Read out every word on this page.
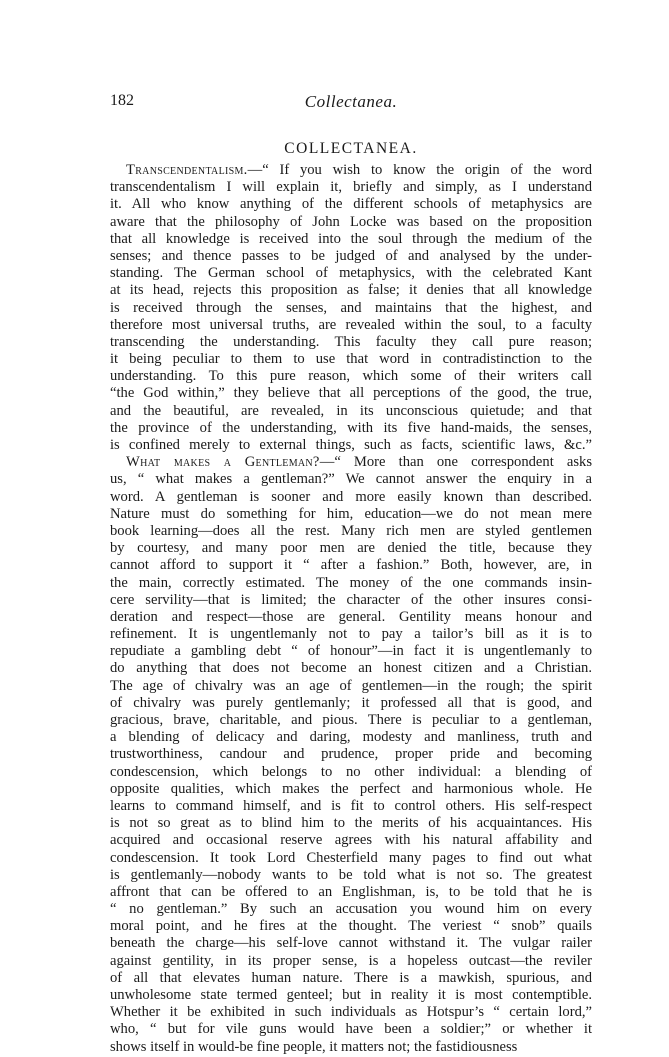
182	Collectanea.
COLLECTANEA.
Transcendentalism.—“ If you wish to know the origin of the word
transcendentalism I will explain it, briefly and simply, as I understand
it. All who know anything of the different schools of metaphysics are
aware that the philosophy of John Locke was based on the proposition
that all knowledge is received into the soul through the medium of the
senses; and thence passes to be judged of and analysed by the under-
standing. The German school of metaphysics, with the celebrated Kant
at its head, rejects this proposition as false; it denies that all knowledge
is received through the senses, and maintains that the highest, and
therefore most universal truths, are revealed within the soul, to a faculty
transcending the understanding. This faculty they call pure reason;
it being peculiar to them to use that word in contradistinction to the
understanding. To this pure reason, which some of their writers call
“the God within,” they believe that all perceptions of the good, the true,
and the beautiful, are revealed, in its unconscious quietude; and that
the province of the understanding, with its five hand-maids, the senses,
is confined merely to external things, such as facts, scientific laws, &c.”
What makes a Gentleman?—“ More than one correspondent asks
us, “ what makes a gentleman?” We cannot answer the enquiry in a
word. A gentleman is sooner and more easily known than described.
Nature must do something for him, education—we do not mean mere
book learning—does all the rest. Many rich men are styled gentlemen
by courtesy, and many poor men are denied the title, because they
cannot afford to support it “ after a fashion.” Both, however, are, in
the main, correctly estimated. The money of the one commands insin-
cere servility—that is limited; the character of the other insures consi-
deration and respect—those are general. Gentility means honour and
refinement. It is ungentlemanly not to pay a tailor’s bill as it is to
repudiate a gambling debt “ of honour”—in fact it is ungentlemanly to
do anything that does not become an honest citizen and a Christian.
The age of chivalry was an age of gentlemen—in the rough; the spirit
of chivalry was purely gentlemanly; it professed all that is good, and
gracious, brave, charitable, and pious. There is peculiar to a gentleman,
a blending of delicacy and daring, modesty and manliness, truth and
trustworthiness, candour and prudence, proper pride and becoming
condescension, which belongs to no other individual: a blending of
opposite qualities, which makes the perfect and harmonious whole. He
learns to command himself, and is fit to control others. His self-respect
is not so great as to blind him to the merits of his acquaintances. His
acquired and occasional reserve agrees with his natural affability and
condescension. It took Lord Chesterfield many pages to find out what
is gentlemanly—nobody wants to be told what is not so. The greatest
affront that can be offered to an Englishman, is, to be told that he is
“ no gentleman.” By such an accusation you wound him on every
moral point, and he fires at the thought. The veriest “ snob” quails
beneath the charge—his self-love cannot withstand it. The vulgar railer
against gentility, in its proper sense, is a hopeless outcast—the reviler
of all that elevates human nature. There is a mawkish, spurious, and
unwholesome state termed genteel; but in reality it is most contemptible.
Whether it be exhibited in such individuals as Hotspur’s “ certain lord,”
who, “ but for vile guns would have been a soldier;” or whether it
shows itself in would-be fine people, it matters not; the fastidiousness
